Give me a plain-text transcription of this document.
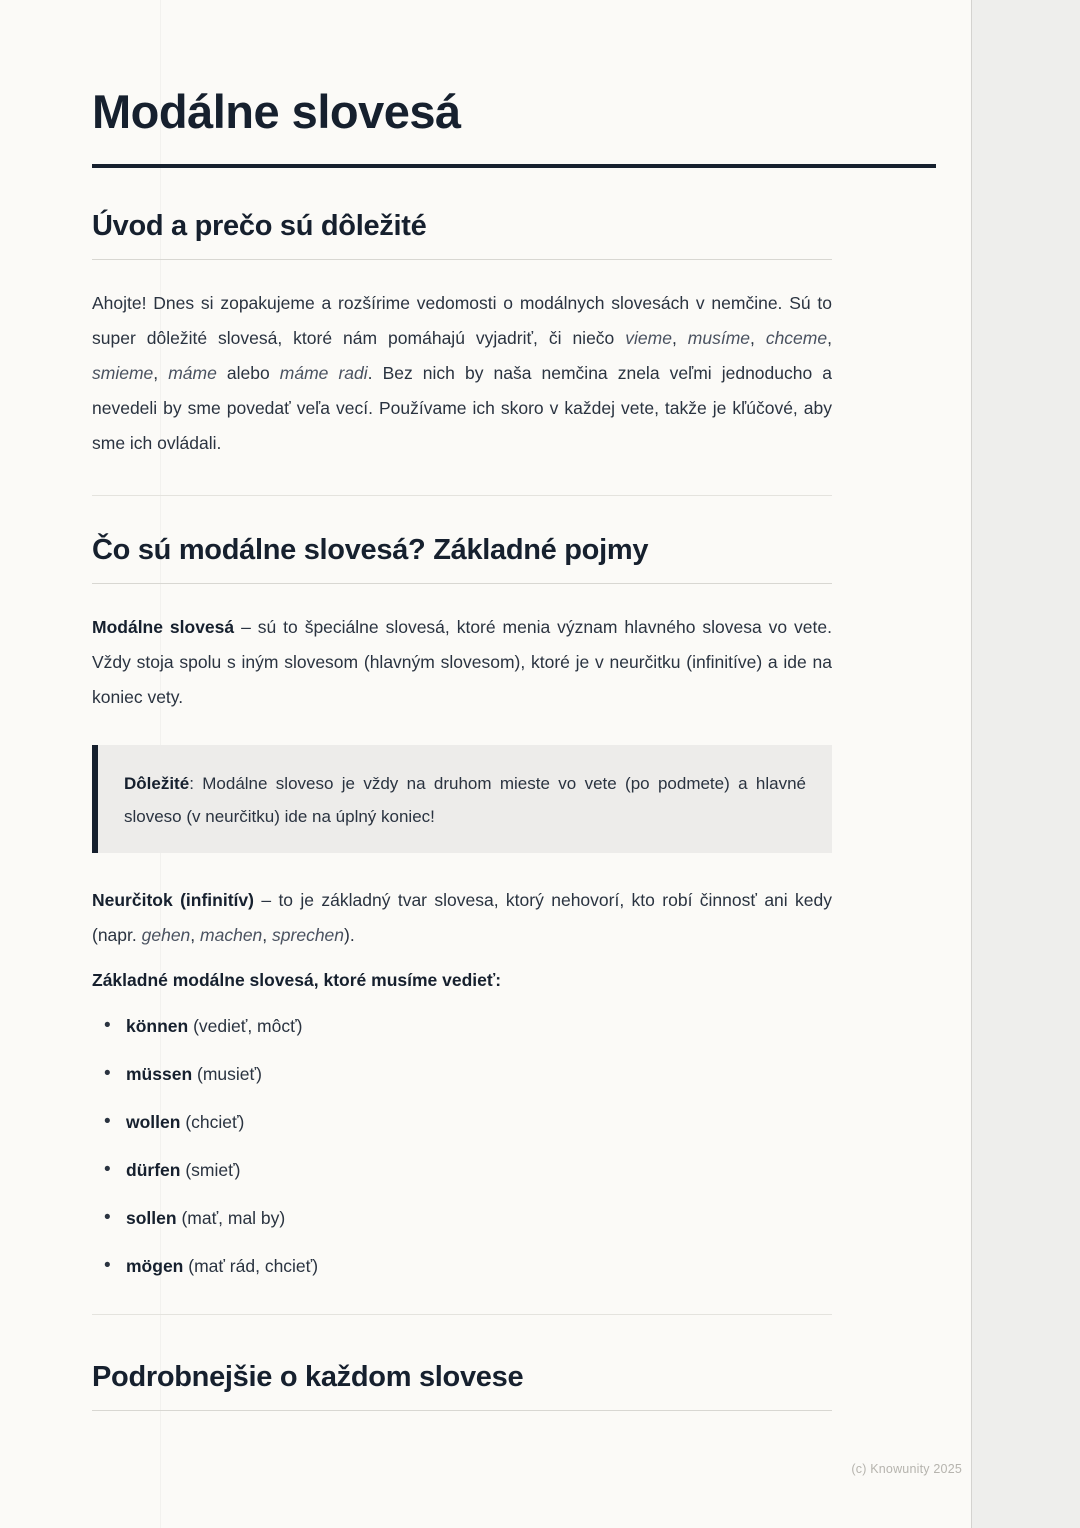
Modálne slovesá
Úvod a prečo sú dôležité

Ahojte! Dnes si zopakujeme a rozšírime vedomosti o modálnych slovesách v nemčine. Sú to super dôležité slovesá, ktoré nám pomáhajú vyjadriť, či niečo vieme, musíme, chceme, smieme, máme alebo máme radi. Bez nich by naša nemčina znela veľmi jednoducho a nevedeli by sme povedať veľa vecí. Používame ich skoro v každej vete, takže je kľúčové, aby sme ich ovládali.

Čo sú modálne slovesá? Základné pojmy

Modálne slovesá – sú to špeciálne slovesá, ktoré menia význam hlavného slovesa vo vete. Vždy stoja spolu s iným slovesom (hlavným slovesom), ktoré je v neurčitku (infinitíve) a ide na koniec vety.

Dôležité: Modálne sloveso je vždy na druhom mieste vo vete (po podmete) a hlavné sloveso (v neurčitku) ide na úplný koniec!

Neurčitok (infinitív) – to je základný tvar slovesa, ktorý nehovorí, kto robí činnosť ani kedy (napr. gehen, machen, sprechen).

Základné modálne slovesá, ktoré musíme vedieť:

• können (vedieť, môcť)
• müssen (musieť)
• wollen (chcieť)
• dürfen (smieť)
• sollen (mať, mal by)
• mögen (mať rád, chcieť)
Podrobnejšie o každom slovese
(c) Knowunity 2025
